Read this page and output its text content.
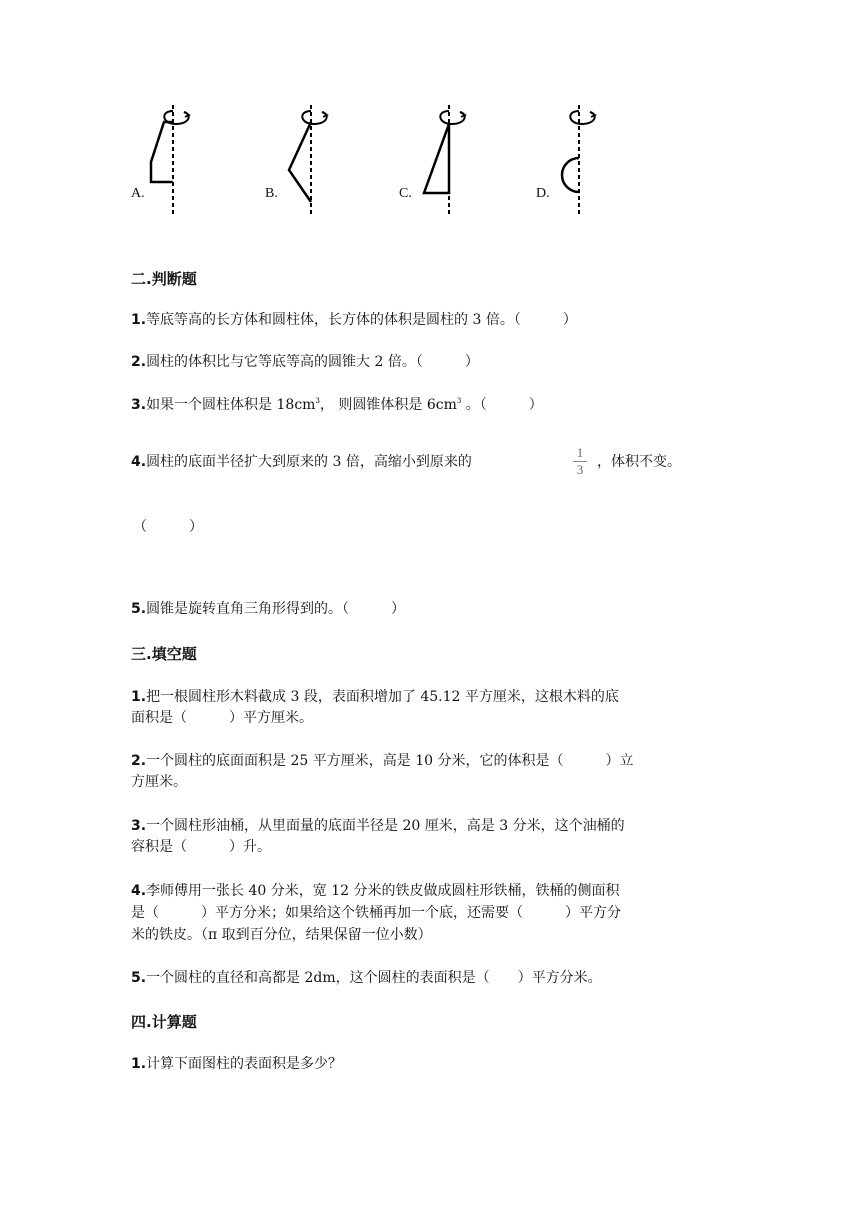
A.	B.	C.	D.
二.判断题
1.等底等高的长方体和圆柱体，长方体的体积是圆柱的 3 倍。（　　　）
2.圆柱的体积比与它等底等高的圆锥大 2 倍。（　　　）
3.如果一个圆柱体积是 $18cm^3$， 则圆锥体积是 $6cm^3$ 。（　　　）
4.圆柱的底面半径扩大到原来的 3 倍，高缩小到原来的
1
3 ，体积不变。
（　　　）
5.圆锥是旋转直角三角形得到的。（　　　）
三.填空题
1.把一根圆柱形木料截成 3 段，表面积增加了 45.12 平方厘米，这根木料的底
面积是（　　　）平方厘米。
2.一个圆柱的底面面积是 25 平方厘米，高是 10 分米，它的体积是（　　　）立
方厘米。
3.一个圆柱形油桶，从里面量的底面半径是 20 厘米，高是 3 分米，这个油桶的
容积是（　　　）升。
4.李师傅用一张长 40 分米，宽 12 分米的铁皮做成圆柱形铁桶，铁桶的侧面积
是（　　　）平方分米；如果给这个铁桶再加一个底，还需要（　　　）平方分
米的铁皮。（π 取到百分位，结果保留一位小数）
5.一个圆柱的直径和高都是 2dm，这个圆柱的表面积是（　　）平方分米。
四.计算题
1.计算下面图柱的表面积是多少？
